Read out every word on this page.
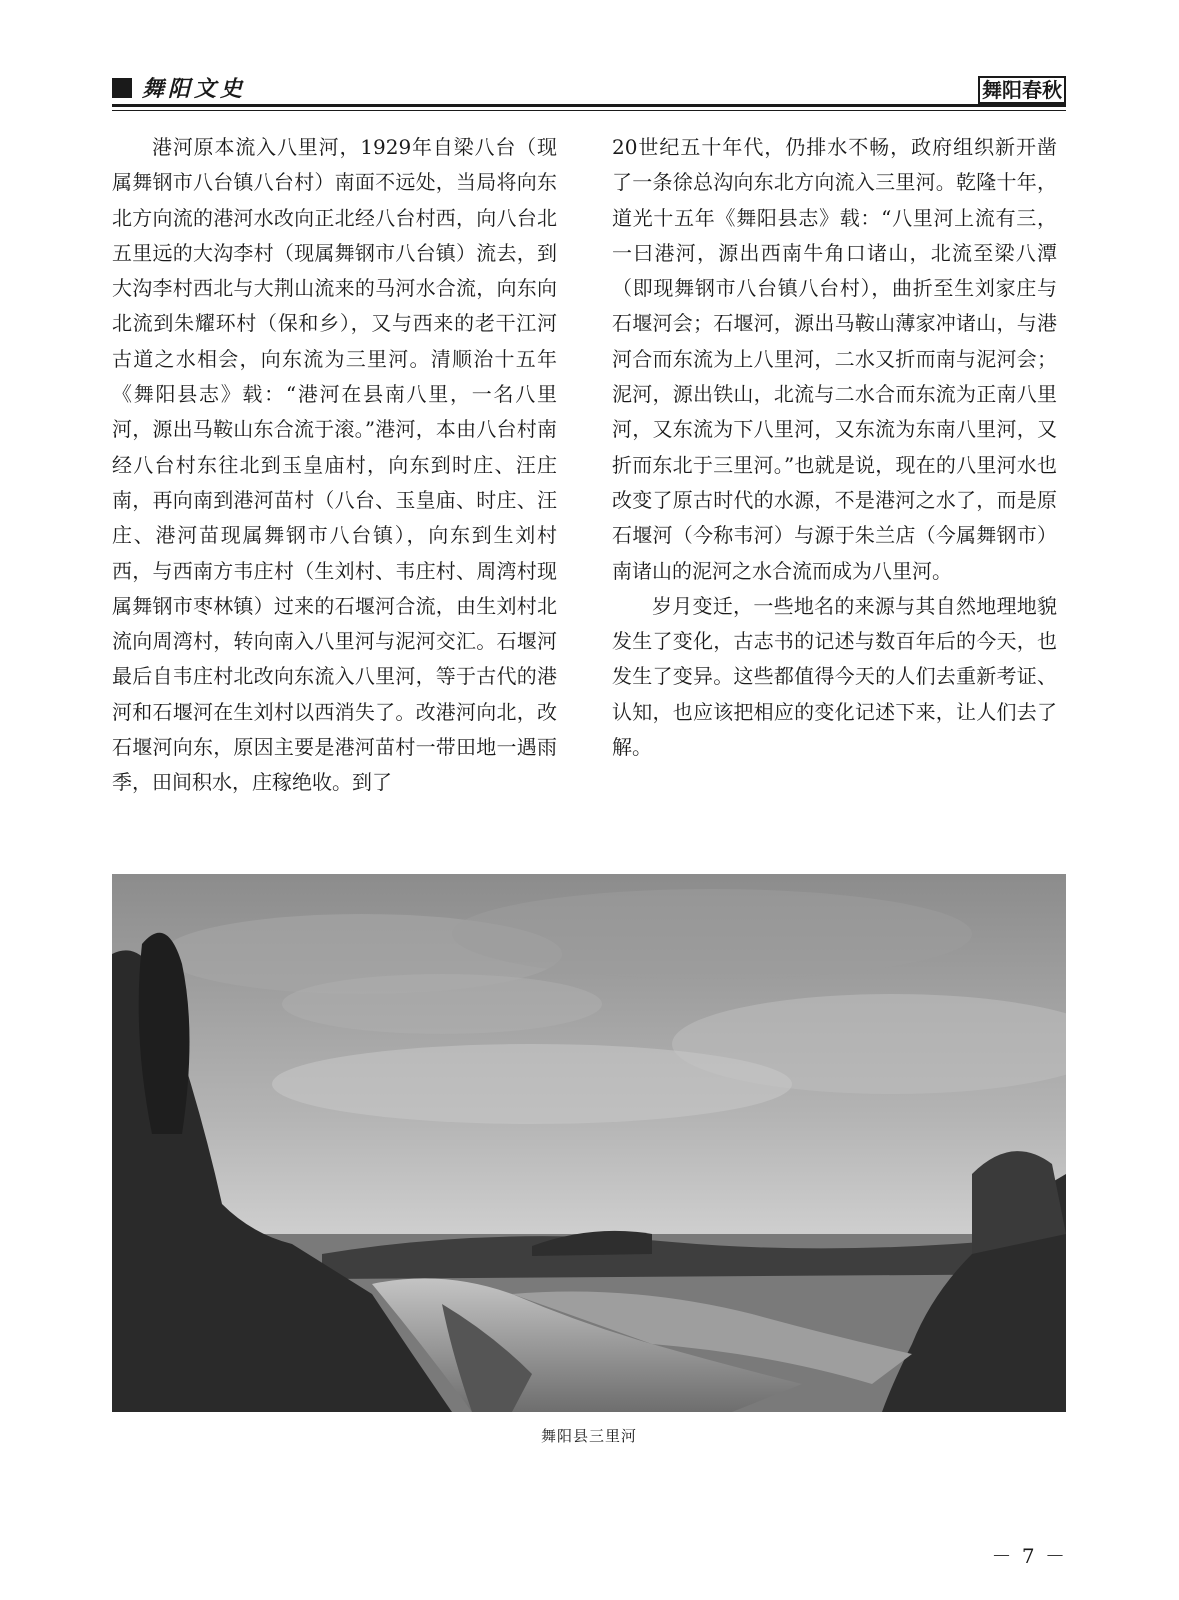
舞阳文史	舞阳春秋

港河原本流入八里河，1929年自梁八台（现属舞钢市八台镇八台村）南面不远处，当局将向东北方向流的港河水改向正北经八台村西，向八台北五里远的大沟李村（现属舞钢市八台镇）流去，到大沟李村西北与大荆山流来的马河水合流，向东向北流到朱耀环村（保和乡），又与西来的老干江河古道之水相会，向东流为三里河。清顺治十五年《舞阳县志》载：“港河在县南八里，一名八里河，源出马鞍山东合流于滚。”港河，本由八台村南经八台村东往北到玉皇庙村，向东到时庄、汪庄南，再向南到港河苗村（八台、玉皇庙、时庄、汪庄、港河苗现属舞钢市八台镇），向东到生刘村西，与西南方韦庄村（生刘村、韦庄村、周湾村现属舞钢市枣林镇）过来的石堰河合流，由生刘村北流向周湾村，转向南入八里河与泥河交汇。石堰河最后自韦庄村北改向东流入八里河，等于古代的港河和石堰河在生刘村以西消失了。改港河向北，改石堰河向东，原因主要是港河苗村一带田地一遇雨季，田间积水，庄稼绝收。到了

20世纪五十年代，仍排水不畅，政府组织新开凿了一条徐总沟向东北方向流入三里河。乾隆十年，道光十五年《舞阳县志》载：“八里河上流有三，一曰港河，源出西南牛角口诸山，北流至梁八潭（即现舞钢市八台镇八台村），曲折至生刘家庄与石堰河会；石堰河，源出马鞍山薄家冲诸山，与港河合而东流为上八里河，二水又折而南与泥河会；泥河，源出铁山，北流与二水合而东流为正南八里河，又东流为下八里河，又东流为东南八里河，又折而东北于三里河。”也就是说，现在的八里河水也改变了原古时代的水源，不是港河之水了，而是原石堰河（今称韦河）与源于朱兰店（今属舞钢市）南诸山的泥河之水合流而成为八里河。

岁月变迁，一些地名的来源与其自然地理地貌发生了变化，古志书的记述与数百年后的今天，也发生了变异。这些都值得今天的人们去重新考证、认知，也应该把相应的变化记述下来，让人们去了解。

舞阳县三里河
－ 7 －
